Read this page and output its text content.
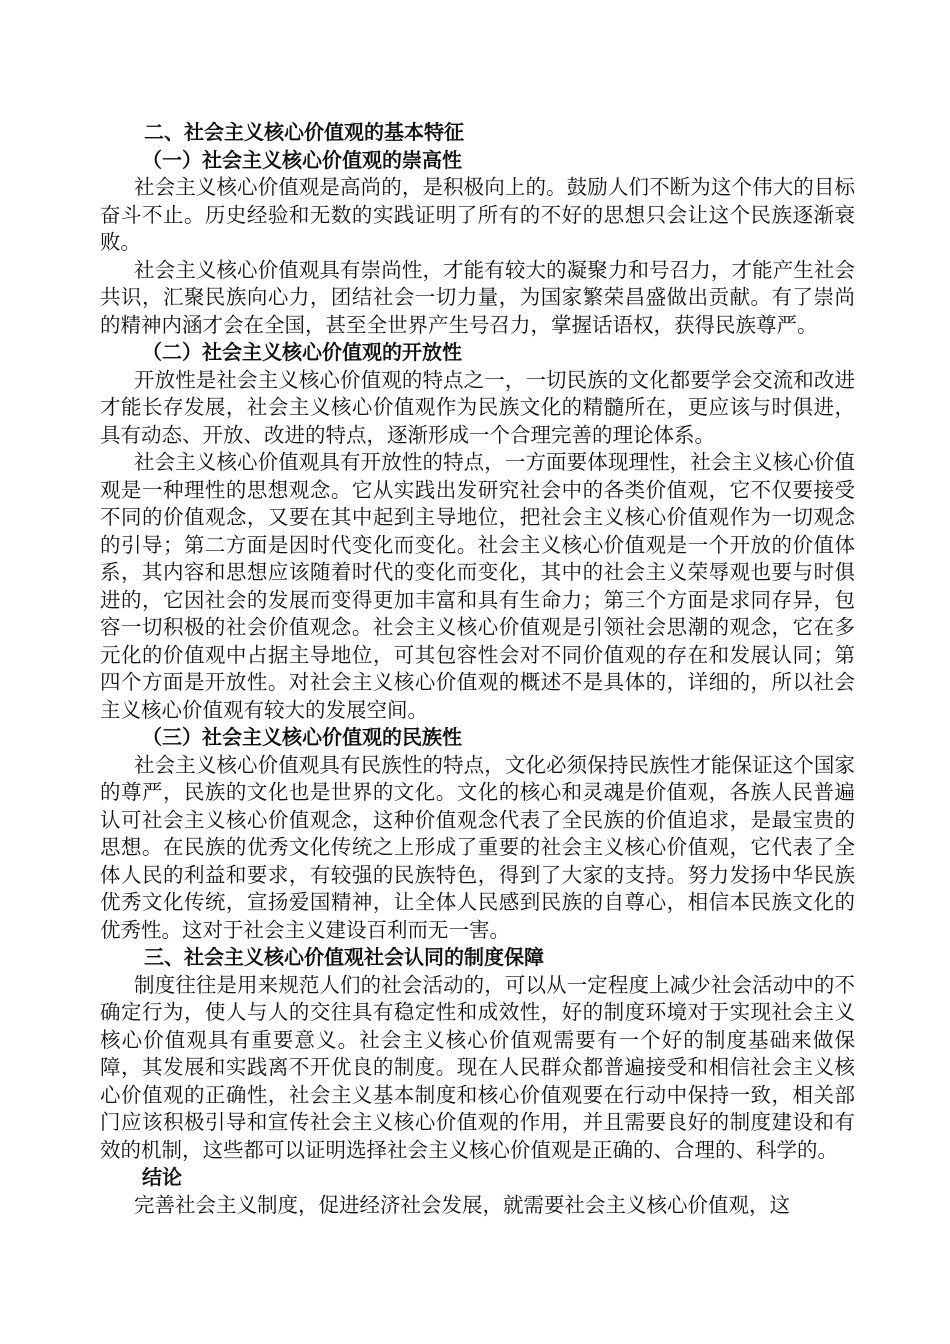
二、社会主义核心价值观的基本特征

（一）社会主义核心价值观的崇高性

社会主义核心价值观是高尚的，是积极向上的。鼓励人们不断为这个伟大的目标奋斗不止。历史经验和无数的实践证明了所有的不好的思想只会让这个民族逐渐衰败。

社会主义核心价值观具有崇尚性，才能有较大的凝聚力和号召力，才能产生社会共识，汇聚民族向心力，团结社会一切力量，为国家繁荣昌盛做出贡献。有了崇尚的精神内涵才会在全国，甚至全世界产生号召力，掌握话语权，获得民族尊严。

（二）社会主义核心价值观的开放性

开放性是社会主义核心价值观的特点之一，一切民族的文化都要学会交流和改进才能长存发展，社会主义核心价值观作为民族文化的精髓所在，更应该与时俱进，具有动态、开放、改进的特点，逐渐形成一个合理完善的理论体系。

社会主义核心价值观具有开放性的特点，一方面要体现理性，社会主义核心价值观是一种理性的思想观念。它从实践出发研究社会中的各类价值观，它不仅要接受不同的价值观念，又要在其中起到主导地位，把社会主义核心价值观作为一切观念的引导；第二方面是因时代变化而变化。社会主义核心价值观是一个开放的价值体系，其内容和思想应该随着时代的变化而变化，其中的社会主义荣辱观也要与时俱进的，它因社会的发展而变得更加丰富和具有生命力；第三个方面是求同存异，包容一切积极的社会价值观念。社会主义核心价值观是引领社会思潮的观念，它在多元化的价值观中占据主导地位，可其包容性会对不同价值观的存在和发展认同；第四个方面是开放性。对社会主义核心价值观的概述不是具体的，详细的，所以社会主义核心价值观有较大的发展空间。

（三）社会主义核心价值观的民族性

社会主义核心价值观具有民族性的特点，文化必须保持民族性才能保证这个国家的尊严，民族的文化也是世界的文化。文化的核心和灵魂是价值观，各族人民普遍认可社会主义核心价值观念，这种价值观念代表了全民族的价值追求，是最宝贵的思想。在民族的优秀文化传统之上形成了重要的社会主义核心价值观，它代表了全体人民的利益和要求，有较强的民族特色，得到了大家的支持。努力发扬中华民族优秀文化传统，宣扬爱国精神，让全体人民感到民族的自尊心，相信本民族文化的优秀性。这对于社会主义建设百利而无一害。

三、社会主义核心价值观社会认同的制度保障

制度往往是用来规范人们的社会活动的，可以从一定程度上减少社会活动中的不确定行为，使人与人的交往具有稳定性和成效性，好的制度环境对于实现社会主义核心价值观具有重要意义。社会主义核心价值观需要有一个好的制度基础来做保障，其发展和实践离不开优良的制度。现在人民群众都普遍接受和相信社会主义核心价值观的正确性，社会主义基本制度和核心价值观要在行动中保持一致，相关部门应该积极引导和宣传社会主义核心价值观的作用，并且需要良好的制度建设和有效的机制，这些都可以证明选择社会主义核心价值观是正确的、合理的、科学的。

结论

完善社会主义制度，促进经济社会发展，就需要社会主义核心价值观，这
